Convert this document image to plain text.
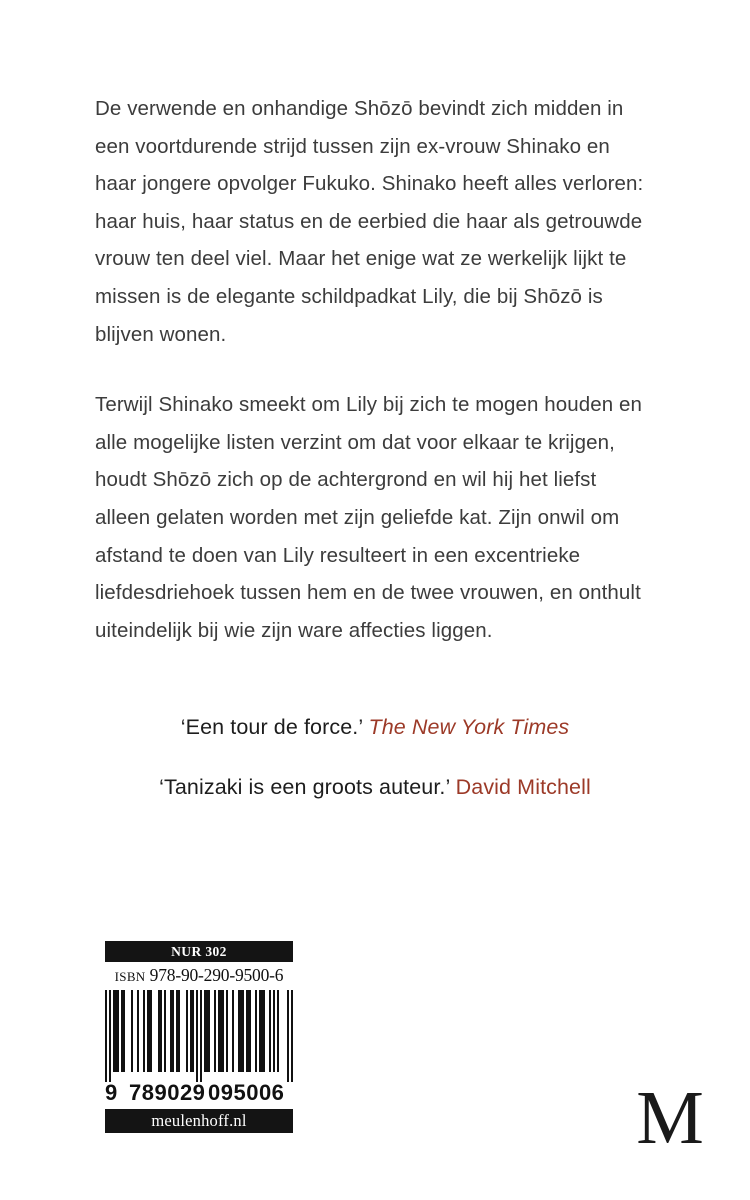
De verwende en onhandige Shōzō bevindt zich midden in een voortdurende strijd tussen zijn ex-vrouw Shinako en haar jongere opvolger Fukuko. Shinako heeft alles verloren: haar huis, haar status en de eerbied die haar als getrouwde vrouw ten deel viel. Maar het enige wat ze werkelijk lijkt te missen is de elegante schildpadkat Lily, die bij Shōzō is blijven wonen.

Terwijl Shinako smeekt om Lily bij zich te mogen houden en alle mogelijke listen verzint om dat voor elkaar te krijgen, houdt Shōzō zich op de achtergrond en wil hij het liefst alleen gelaten worden met zijn geliefde kat. Zijn onwil om afstand te doen van Lily resulteert in een excentrieke liefdesdriehoek tussen hem en de twee vrouwen, en onthult uiteindelijk bij wie zijn ware affecties liggen.

‘Een tour de force.’ The New York Times
‘Tanizaki is een groots auteur.’ David Mitchell
NUR 302
ISBN 978-90-290-9500-6
9 789029 095006
meulenhoff.nl	M
